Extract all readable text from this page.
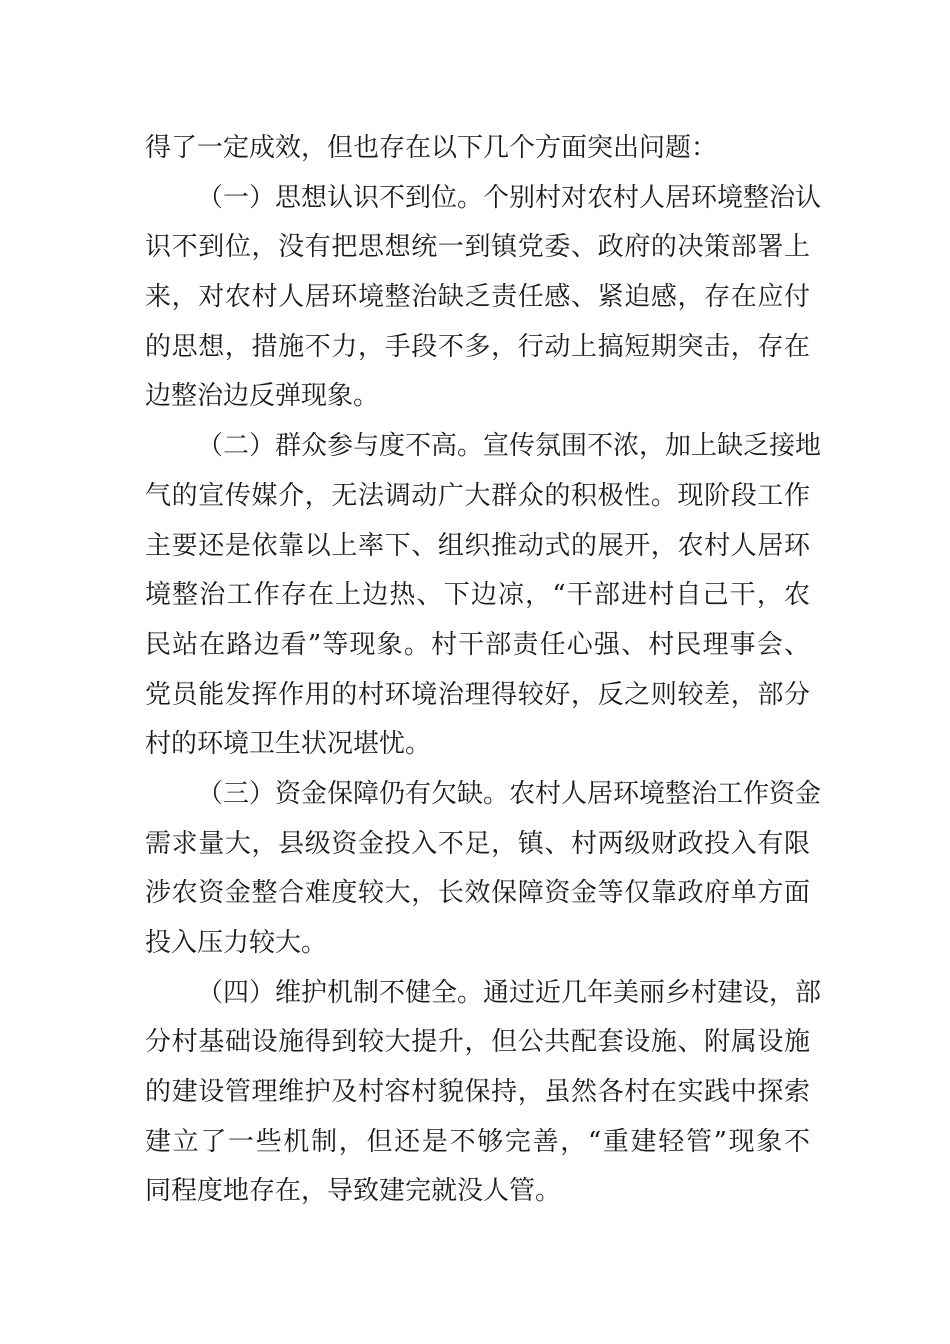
得了一定成效，但也存在以下几个方面突出问题：
（一）思想认识不到位。个别村对农村人居环境整治认
识不到位，没有把思想统一到镇党委、政府的决策部署上
来，对农村人居环境整治缺乏责任感、紧迫感，存在应付
的思想，措施不力，手段不多，行动上搞短期突击，存在
边整治边反弹现象。
（二）群众参与度不高。宣传氛围不浓，加上缺乏接地
气的宣传媒介，无法调动广大群众的积极性。现阶段工作
主要还是依靠以上率下、组织推动式的展开，农村人居环
境整治工作存在上边热、下边凉，“干部进村自己干，农
民站在路边看”等现象。村干部责任心强、村民理事会、
党员能发挥作用的村环境治理得较好，反之则较差，部分
村的环境卫生状况堪忧。
（三）资金保障仍有欠缺。农村人居环境整治工作资金
需求量大，县级资金投入不足，镇、村两级财政投入有限
涉农资金整合难度较大，长效保障资金等仅靠政府单方面
投入压力较大。
（四）维护机制不健全。通过近几年美丽乡村建设，部
分村基础设施得到较大提升，但公共配套设施、附属设施
的建设管理维护及村容村貌保持，虽然各村在实践中探索
建立了一些机制，但还是不够完善，“重建轻管”现象不
同程度地存在，导致建完就没人管。
